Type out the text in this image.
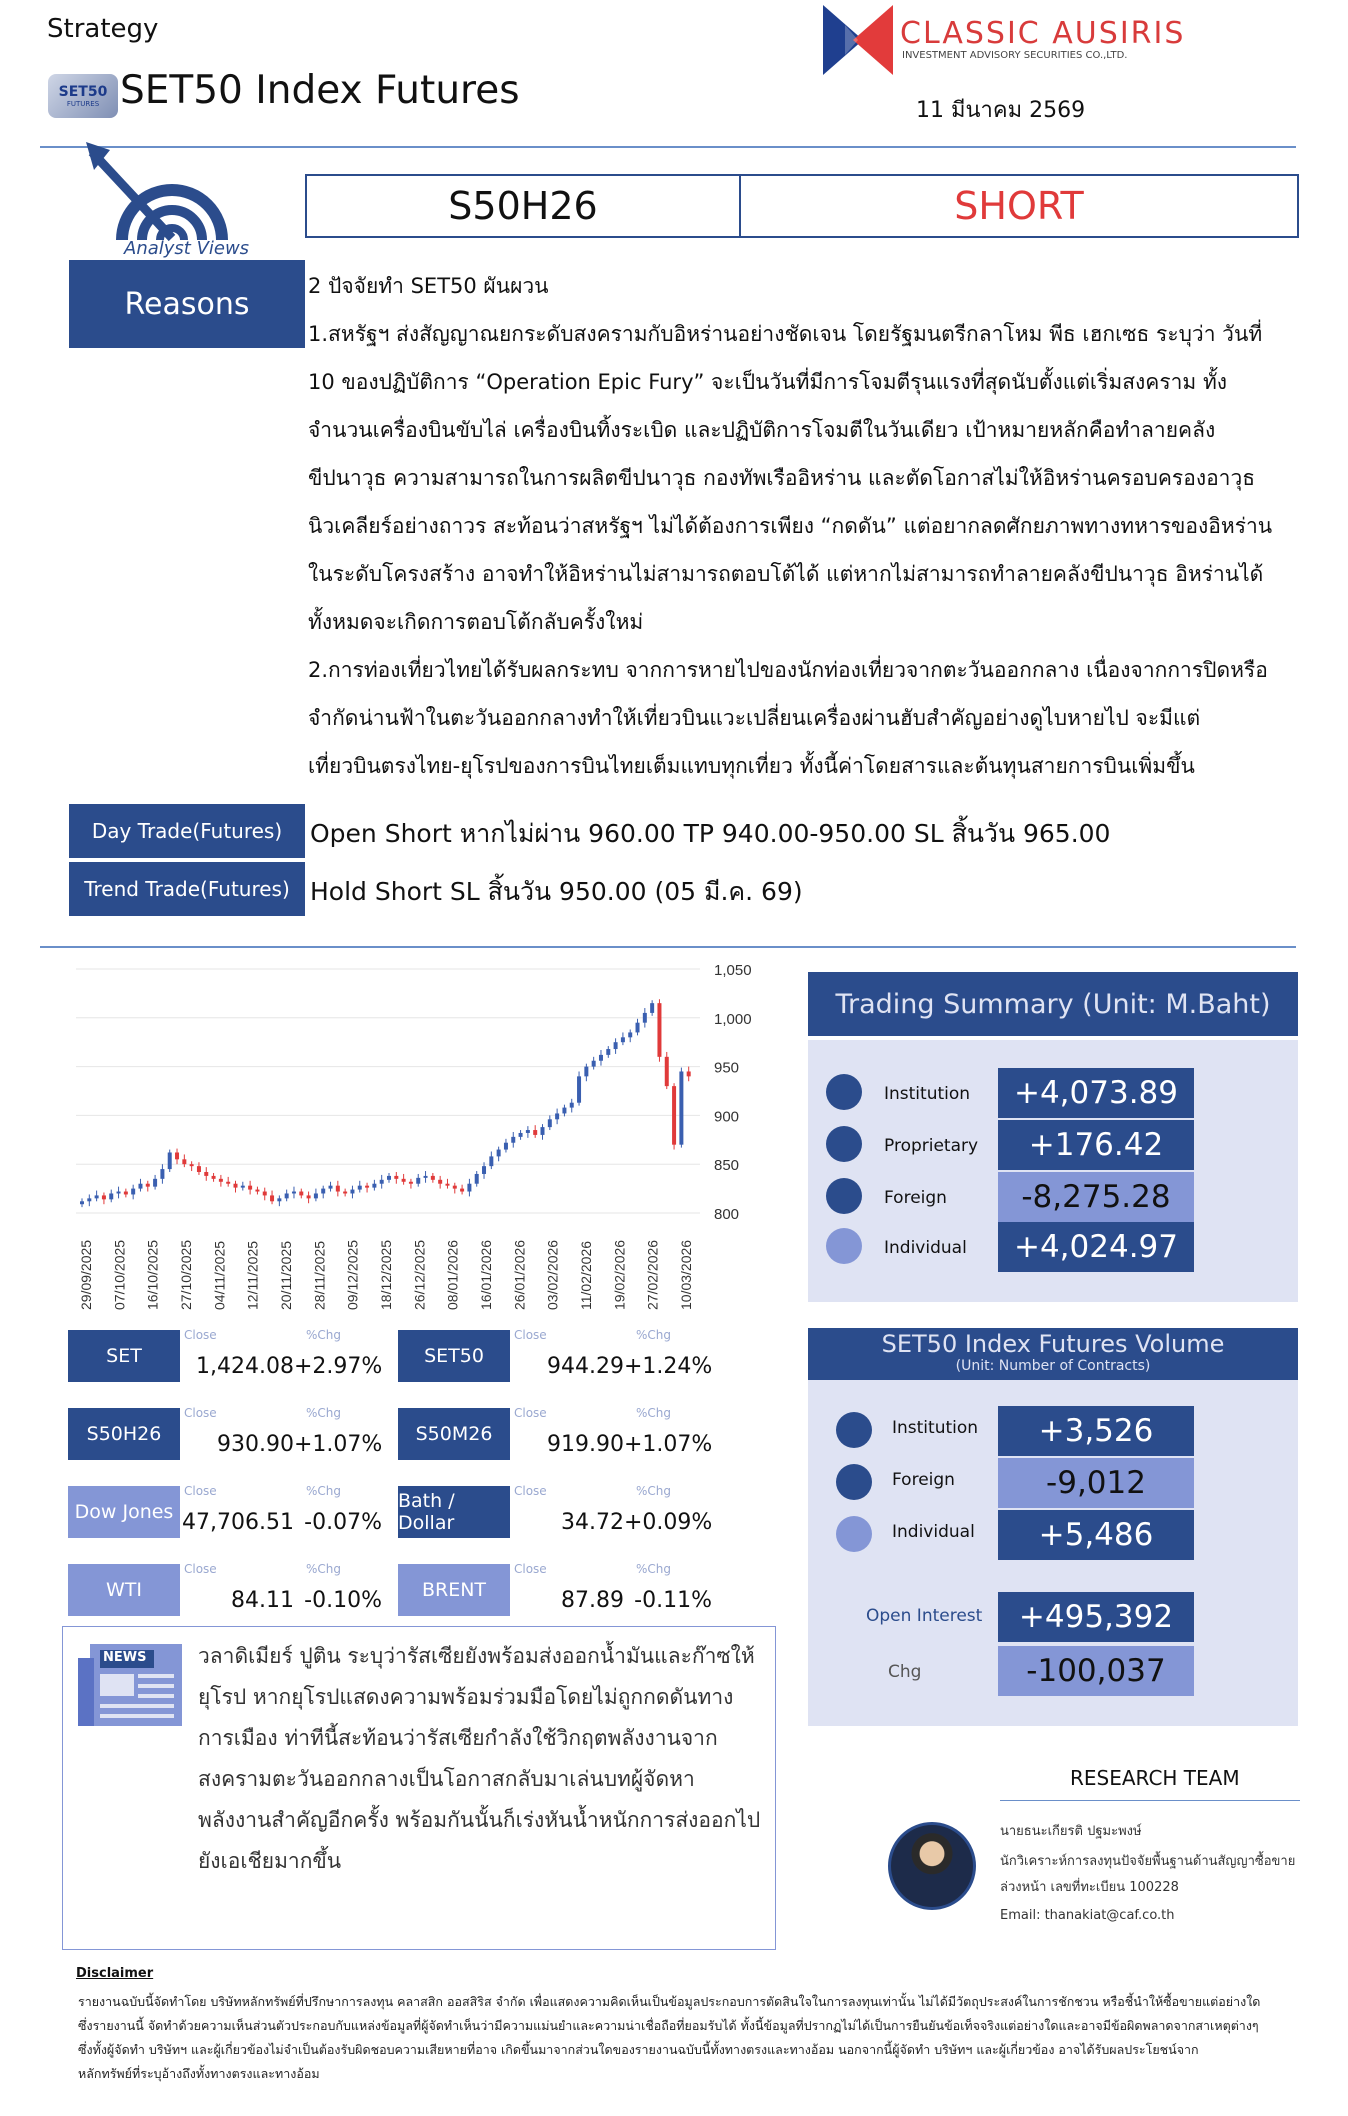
Strategy
SET50
FUTURES SET50 Index Futures
CLASSIC AUSIRIS
INVESTMENT ADVISORY SECURITIES CO.,LTD.
11 มีนาคม 2569
Analyst Views
S50H26	SHORT
Reasons
2 ปัจจัยทำ SET50 ผันผวน
1.สหรัฐฯ ส่งสัญญาณยกระดับสงครามกับอิหร่านอย่างชัดเจน โดยรัฐมนตรีกลาโหม พีธ เฮกเซธ ระบุว่า วันที่
10 ของปฏิบัติการ “Operation Epic Fury” จะเป็นวันที่มีการโจมตีรุนแรงที่สุดนับตั้งแต่เริ่มสงคราม ทั้ง
จำนวนเครื่องบินขับไล่ เครื่องบินทิ้งระเบิด และปฏิบัติการโจมตีในวันเดียว เป้าหมายหลักคือทำลายคลัง
ขีปนาวุธ ความสามารถในการผลิตขีปนาวุธ กองทัพเรืออิหร่าน และตัดโอกาสไม่ให้อิหร่านครอบครองอาวุธ
นิวเคลียร์อย่างถาวร สะท้อนว่าสหรัฐฯ ไม่ได้ต้องการเพียง “กดดัน” แต่อยากลดศักยภาพทางทหารของอิหร่าน
ในระดับโครงสร้าง อาจทำให้อิหร่านไม่สามารถตอบโต้ได้ แต่หากไม่สามารถทำลายคลังขีปนาวุธ อิหร่านได้
ทั้งหมดจะเกิดการตอบโต้กลับครั้งใหม่
2.การท่องเที่ยวไทยได้รับผลกระทบ จากการหายไปของนักท่องเที่ยวจากตะวันออกกลาง เนื่องจากการปิดหรือ
จำกัดน่านฟ้าในตะวันออกกลางทำให้เที่ยวบินแวะเปลี่ยนเครื่องผ่านฮับสำคัญอย่างดูไบหายไป จะมีแต่
เที่ยวบินตรงไทย-ยุโรปของการบินไทยเต็มแทบทุกเที่ยว ทั้งนี้ค่าโดยสารและต้นทุนสายการบินเพิ่มขึ้น
Day Trade(Futures)	Open Short หากไม่ผ่าน 960.00 TP 940.00-950.00 SL สิ้นวัน 965.00
Trend Trade(Futures) Hold Short SL สิ้นวัน 950.00 (05 มี.ค. 69)
1,050
1,000
950
900
850
800
29/09/2025 07/10/2025 16/10/2025 27/10/2025 04/11/2025 12/11/2025 20/11/2025 28/11/2025 09/12/2025 18/12/2025 26/12/2025 08/01/2026 16/01/2026 26/01/2026 03/02/2026 11/02/2026 19/02/2026 27/02/2026 10/03/2026
SET
Close	%Chg
1,424.08 +2.97%	SET50
Close	%Chg
944.29 +1.24%
S50H26
Close	%Chg
930.90 +1.07%	S50M26
Close	%Chg
919.90 +1.07%
Dow Jones
Close	%Chg
47,706.51 -0.07%
Bath / Dollar
Close	%Chg
34.72 +0.09%
WTI
Close	%Chg
84.11 -0.10%	BRENT
Close	%Chg
87.89 -0.11%
Trading Summary (Unit: M.Baht)
SET50 Index Futures Volume
(Unit: Number of Contracts)
Institution	+4,073.89
Proprietary	+176.42
Foreign	-8,275.28
Individual	+4,024.97
Institution	+3,526
Foreign	-9,012
Individual	+5,486
Open Interest	+495,392
Chg	-100,037
NEWS วลาดิเมียร์ ปูติน ระบุว่ารัสเซียยังพร้อมส่งออกน้ำมันและก๊าซให้
ยุโรป หากยุโรปแสดงความพร้อมร่วมมือโดยไม่ถูกกดดันทาง
การเมือง ท่าทีนี้สะท้อนว่ารัสเซียกำลังใช้วิกฤตพลังงานจาก
สงครามตะวันออกกลางเป็นโอกาสกลับมาเล่นบทผู้จัดหา
พลังงานสำคัญอีกครั้ง พร้อมกันนั้นก็เร่งหันน้ำหนักการส่งออกไป
ยังเอเชียมากขึ้น
RESEARCH TEAM
นายธนะเกียรติ ปฐมะพงษ์
นักวิเคราะห์การลงทุนปัจจัยพื้นฐานด้านสัญญาซื้อขาย
ล่วงหน้า เลขที่ทะเบียน 100228
Email: thanakiat@caf.co.th
Disclaimer
รายงานฉบับนี้จัดทำโดย บริษัทหลักทรัพย์ที่ปรึกษาการลงทุน คลาสสิก ออสสิริส จำกัด เพื่อแสดงความคิดเห็นเป็นข้อมูลประกอบการตัดสินใจในการลงทุนเท่านั้น ไม่ได้มีวัตถุประสงค์ในการชักชวน หรือชี้นำให้ซื้อขายแต่อย่างใด
ซึ่งรายงานนี้ จัดทำด้วยความเห็นส่วนตัวประกอบกับแหล่งข้อมูลที่ผู้จัดทำเห็นว่ามีความแม่นยำและความน่าเชื่อถือที่ยอมรับได้ ทั้งนี้ข้อมูลที่ปรากฏไม่ได้เป็นการยืนยันข้อเท็จจริงแต่อย่างใดและอาจมีข้อผิดพลาดจากสาเหตุต่างๆ
ซึ่งทั้งผู้จัดทำ บริษัทฯ และผู้เกี่ยวข้องไม่จำเป็นต้องรับผิดชอบความเสียหายที่อาจ เกิดขึ้นมาจากส่วนใดของรายงานฉบับนี้ทั้งทางตรงและทางอ้อม นอกจากนี้ผู้จัดทำ บริษัทฯ และผู้เกี่ยวข้อง อาจได้รับผลประโยชน์จาก
หลักทรัพย์ที่ระบุอ้างถึงทั้งทางตรงและทางอ้อม
